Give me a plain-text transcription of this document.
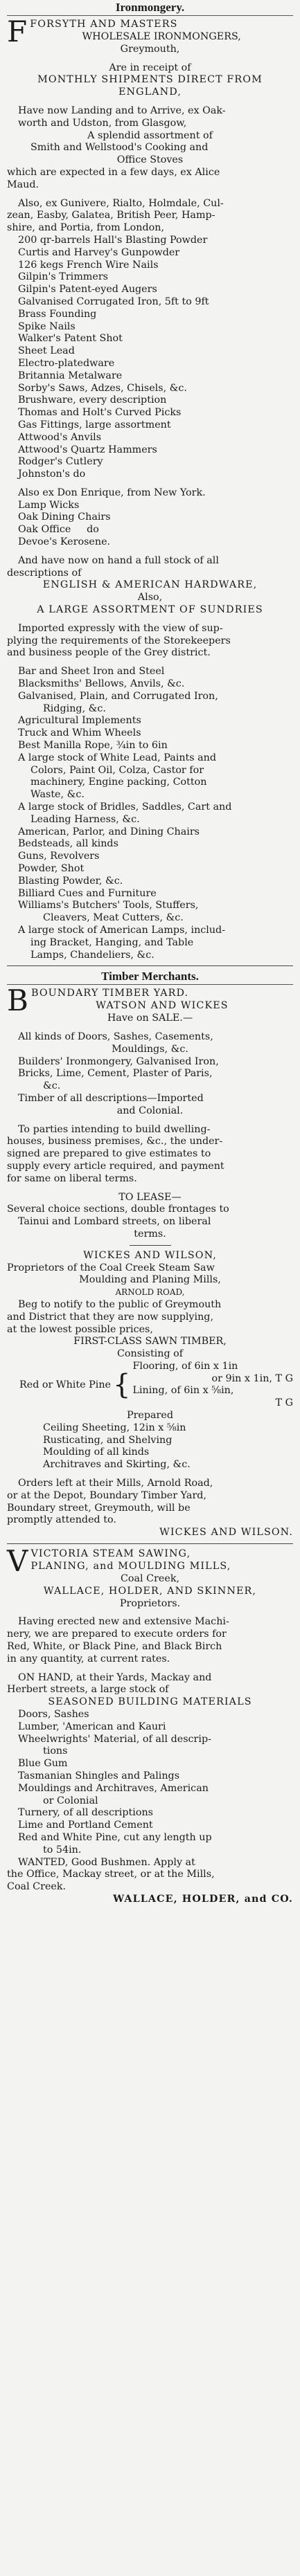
Ironmongery.

FFORSYTH AND MASTERS

WHOLESALE IRONMONGERS,

Greymouth,

Are in receipt of

MONTHLY SHIPMENTS DIRECT FROM

ENGLAND,

Have now Landing and to Arrive, ex Oak-

worth and Udston, from Glasgow,

A splendid assortment of

Smith and Wellstood's Cooking and

Office Stoves

which are expected in a few days, ex Alice

Maud.

Also, ex Gunivere, Rialto, Holmdale, Cul-

zean, Easby, Galatea, British Peer, Hamp-

shire, and Portia, from London,

200 qr-barrels Hall's Blasting Powder

Curtis and Harvey's Gunpowder

126 kegs French Wire Nails

Gilpin's Trimmers

Gilpin's Patent-eyed Augers

Galvanised Corrugated Iron, 5ft to 9ft

Brass Founding

Spike Nails

Walker's Patent Shot

Sheet Lead

Electro-platedware

Britannia Metalware

Sorby's Saws, Adzes, Chisels, &c.

Brushware, every description

Thomas and Holt's Curved Picks

Gas Fittings, large assortment

Attwood's Anvils

Attwood's Quartz Hammers

Rodger's Cutlery

Johnston's do

Also ex Don Enrique, from New York.

Lamp Wicks

Oak Dining Chairs

Oak Office     do

Devoe's Kerosene.

And have now on hand a full stock of all

descriptions of

ENGLISH & AMERICAN HARDWARE,

Also,

A LARGE ASSORTMENT OF SUNDRIES

Imported expressly with the view of sup-

plying the requirements of the Storekeepers

and business people of the Grey district.

Bar and Sheet Iron and Steel

Blacksmiths' Bellows, Anvils, &c.

Galvanised, Plain, and Corrugated Iron,

Ridging, &c.

Agricultural Implements

Truck and Whim Wheels

Best Manilla Rope, ¾in to 6in

A large stock of White Lead, Paints and

Colors, Paint Oil, Colza, Castor for

machinery, Engine packing, Cotton

Waste, &c.

A large stock of Bridles, Saddles, Cart and

Leading Harness, &c.

American, Parlor, and Dining Chairs

Bedsteads, all kinds

Guns, Revolvers

Powder, Shot

Blasting Powder, &c.

Billiard Cues and Furniture

Williams's Butchers' Tools, Stuffers,

Cleavers, Meat Cutters, &c.

A large stock of American Lamps, includ-

ing Bracket, Hanging, and Table

Lamps, Chandeliers, &c.

Timber Merchants.

BBOUNDARY TIMBER YARD.

WATSON AND WICKES

Have on SALE.—

All kinds of Doors, Sashes, Casements,

Mouldings, &c.

Builders' Ironmongery, Galvanised Iron,

Bricks, Lime, Cement, Plaster of Paris,

&c.

Timber of all descriptions—Imported

and Colonial.

To parties intending to build dwelling-

houses, business premises, &c., the under-

signed are prepared to give estimates to

supply every article required, and payment

for same on liberal terms.

TO LEASE—

Several choice sections, double frontages to

Tainui and Lombard streets, on liberal

terms.

WICKES AND WILSON,

Proprietors of the Coal Creek Steam Saw

Moulding and Planing Mills,

ARNOLD ROAD,

Beg to notify to the public of Greymouth

and District that they are now supplying,

at the lowest possible prices,

FIRST-CLASS SAWN TIMBER,

Consisting of

Red or White Pine {

Flooring, of 6in x 1in

or 9in x 1in, T G

Lining, of 6in x ⅝in,

T G

Prepared

Ceiling Sheeting, 12in x ⅝in

Rusticating, and Shelving

Moulding of all kinds

Architraves and Skirting, &c.

Orders left at their Mills, Arnold Road,

or at the Depot, Boundary Timber Yard,

Boundary street, Greymouth, will be

promptly attended to.

WICKES AND WILSON.

VVICTORIA STEAM SAWING,

PLANING, and MOULDING MILLS,

Coal Creek,

WALLACE, HOLDER, AND SKINNER,

Proprietors.

Having erected new and extensive Machi-

nery, we are prepared to execute orders for

Red, White, or Black Pine, and Black Birch

in any quantity, at current rates.

ON HAND, at their Yards, Mackay and

Herbert streets, a large stock of

SEASONED BUILDING MATERIALS

Doors, Sashes

Lumber, 'American and Kauri

Wheelwrights' Material, of all descrip-

tions

Blue Gum

Tasmanian Shingles and Palings

Mouldings and Architraves, American

or Colonial

Turnery, of all descriptions

Lime and Portland Cement

Red and White Pine, cut any length up

to 54in.

WANTED, Good Bushmen. Apply at

the Office, Mackay street, or at the Mills,

Coal Creek.

WALLACE, HOLDER, and CO.
